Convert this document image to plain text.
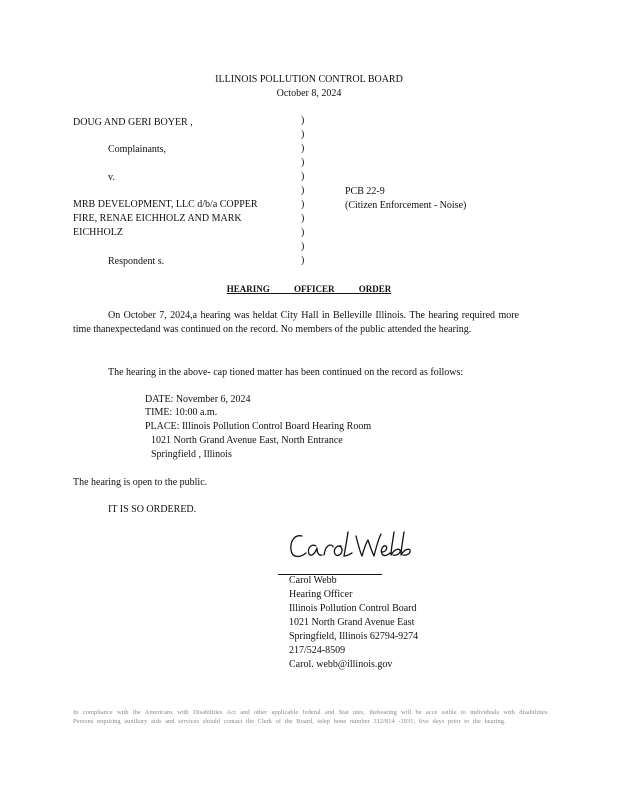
ILLINOIS POLLUTION CONTROL BOARD
October 8, 2024
DOUG AND GERI BOYER ,
Complainants,
v.
MRB DEVELOPMENT, LLC d/b/a COPPER
FIRE, RENAE EICHHOLZ AND MARK
EICHHOLZ
Respondent s.
)
)
)
)
)
)
)
)
)
)
)
PCB 22-9
(Citizen Enforcement - Noise)
HEARING OFFICER ORDER
On October 7, 2024,a hearing was heldat City Hall in Belleville Illinois. The hearing required more time thanexpectedand was continued on the record. No members of the public attended the hearing.
The hearing in the above- cap tioned matter has been continued on the record as follows:
DATE: November 6, 2024
TIME: 10:00 a.m.
PLACE: Illinois Pollution Control Board Hearing Room
1021 North Grand Avenue East, North Entrance
Springfield , Illinois
The hearing is open to the public.
IT IS SO ORDERED.
Carol Webb
Hearing Officer
Illinois Pollution Control Board
1021 North Grand Avenue East
Springfield, Illinois 62794-9274
217/524-8509
Carol. webb@illinois.gov
In compliance with the Americans with Disabilities Act and other applicable federal and Stat utes, thehearing will be acce ssible to individuals with disabilities. Persons requiring auxiliary aids and services should contact the Clerk of the Board, telep hone number 312/814 -3931, five days prior to the hearing.
